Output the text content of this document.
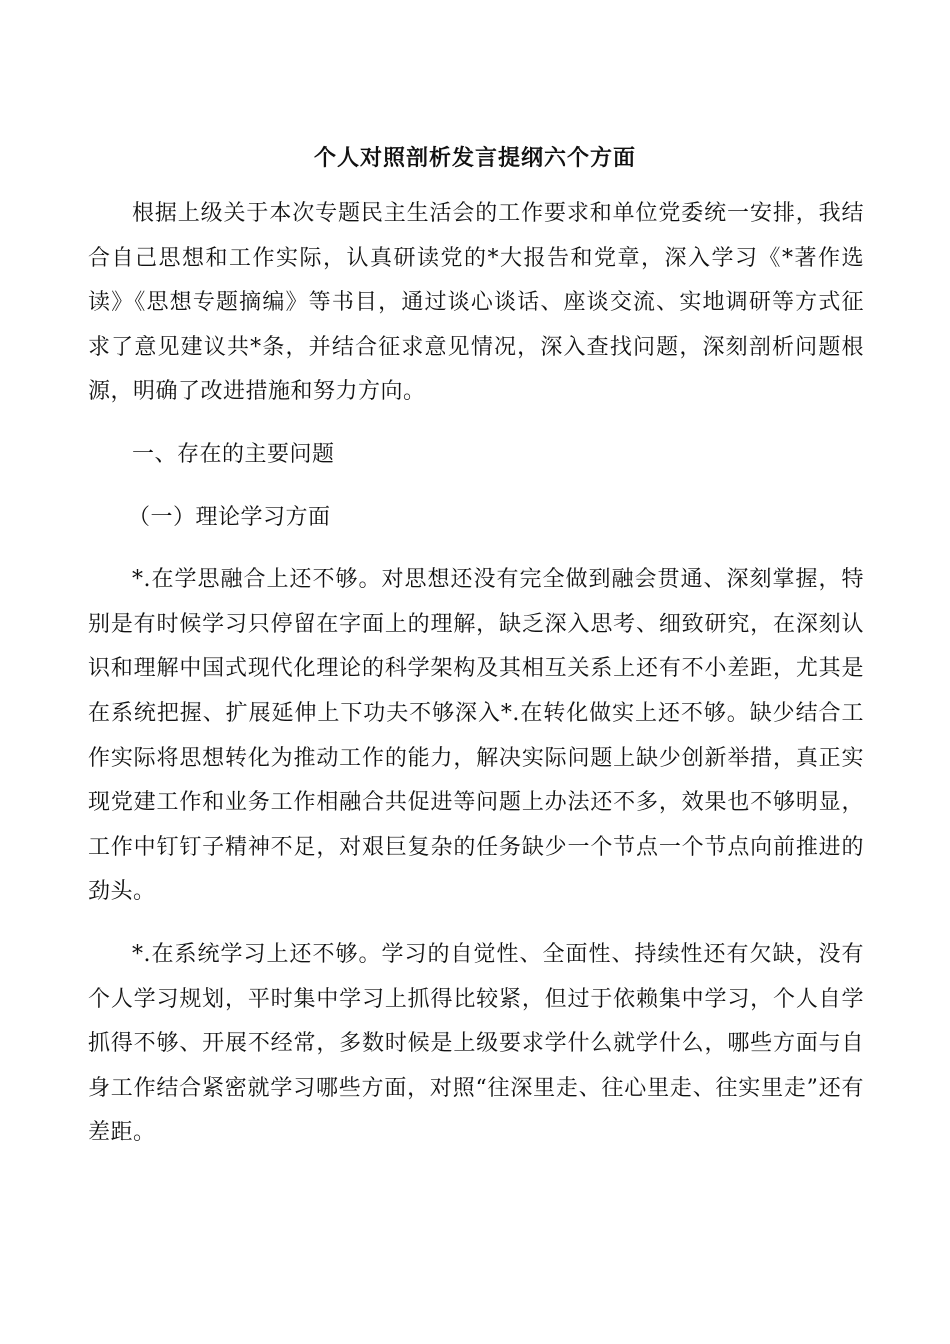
个人对照剖析发言提纲六个方面

根据上级关于本次专题民主生活会的工作要求和单位党委统一安排，我结合自己思想和工作实际，认真研读党的*大报告和党章，深入学习《*著作选读》《思想专题摘编》等书目，通过谈心谈话、座谈交流、实地调研等方式征求了意见建议共*条，并结合征求意见情况，深入查找问题，深刻剖析问题根源，明确了改进措施和努力方向。

一、存在的主要问题

（一）理论学习方面

*.在学思融合上还不够。对思想还没有完全做到融会贯通、深刻掌握，特别是有时候学习只停留在字面上的理解，缺乏深入思考、细致研究，在深刻认识和理解中国式现代化理论的科学架构及其相互关系上还有不小差距，尤其是在系统把握、扩展延伸上下功夫不够深入*.在转化做实上还不够。缺少结合工作实际将思想转化为推动工作的能力，解决实际问题上缺少创新举措，真正实现党建工作和业务工作相融合共促进等问题上办法还不多，效果也不够明显，工作中钉钉子精神不足，对艰巨复杂的任务缺少一个节点一个节点向前推进的劲头。

*.在系统学习上还不够。学习的自觉性、全面性、持续性还有欠缺，没有个人学习规划，平时集中学习上抓得比较紧，但过于依赖集中学习，个人自学抓得不够、开展不经常，多数时候是上级要求学什么就学什么，哪些方面与自身工作结合紧密就学习哪些方面，对照“往深里走、往心里走、往实里走”还有差距。
